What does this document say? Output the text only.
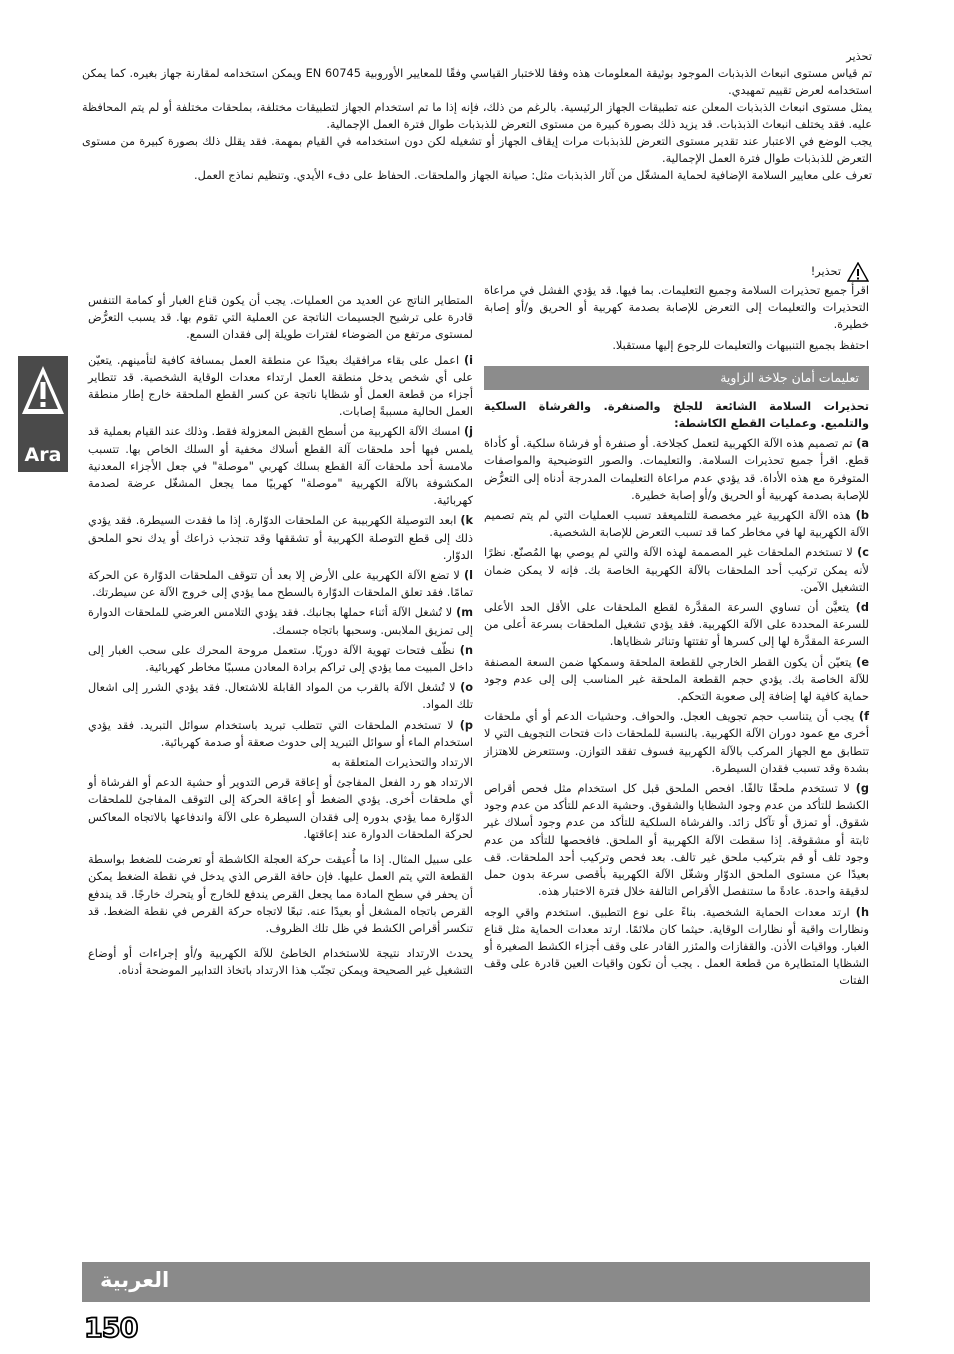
تحذير

تم قياس مستوى انبعاث الذبذبات الموجود بوثيقة المعلومات هذه وفقا للاختبار القياسي وفقًا للمعايير الأوروبية EN 60745 ويمكن استخدامه لمقارنة جهاز بغيره. كما يمكن استخدامه لعرض تقييم تمهيدي.

يمثل مستوى انبعاث الذبذبات المعلن عنه تطبيقات الجهاز الرئيسية. بالرغم من ذلك، فإنه إذا ما تم استخدام الجهاز لتطبيقات مختلفة، بملحقات مختلفة أو لم يتم المحافظة عليه. فقد يختلف انبعاث الذبذبات. قد يزيد ذلك بصورة كبيرة من مستوى التعرض للذبذبات طوال فترة العمل الإجمالية.

يجب الوضع في الاعتبار عند تقدير مستوى التعرض للذبذبات مرات إيقاف الجهاز أو تشغيله لكن دون استخدامه في القيام بمهمة. فقد يقلل ذلك بصورة كبيرة من مستوى التعرض للذبذبات طوال فترة العمل الإجمالية.

تعرف على معايير السلامة الإضافية لحماية المشغّل من آثار الذبذبات مثل: صيانة الجهاز والملحقات. الحفاظ على دفء الأيدي. وتنظيم نماذج العمل.

تحذير!

اقرأ جميع تحذيرات السلامة وجميع التعليمات. بما فيها. قد يؤدي الفشل في مراعاة التحذيرات والتعليمات إلى التعرض للإصابة بصدمة كهربية أو الحريق و/أو إصابة خطيرة.

احتفظ بجميع التنبيهات والتعليمات للرجوع إليها مستقبلا.

تعليمات أمان جلاخة الزاوية

تحذيرات السلامة الشائعة للجلخ والصنفرة. والفرشاة السلكية والتلميع. وعمليات القطع الكاشطة:

a) تم تصميم هذه الآلة الكهربية لتعمل كجلاخة. أو صنفرة أو فرشاة سلكية. أو كأداة قطع. اقرأ جميع تحذيرات السلامة. والتعليمات. والصور التوضيحية والمواصفات المتوفرة مع هذه الأداة. قد يؤدي عدم مراعاة التعليمات المدرجة أدناه إلى التعرُّض للإصابة بصدمة كهربية أو الحريق و/أو إصابة خطيرة.

b) هذه الآلة الكهربية غير مخصصة للتلميعقد تسبب العمليات التي لم يتم تصميم الآلة الكهربية لها في مخاطر كما قد تسبب التعرض للإصابة الشخصية.

c) لا تستخدم الملحقات غير المصممة لهذه الآلة والتي لم يوصي بها المُصنّع. نظرًا لأنه يمكن تركيب أحد الملحقات بالآلة الكهربية الخاصة بك. فإنه لا يمكن ضمان التشغيل الآمن.

d) يتعيَّن أن تساوي السرعة المقدَّرة لقطع الملحقات على الأقل الحد الأعلى للسرعة المحددة على الآلة الكهربية. فقد يؤدي تشغيل الملحقات بسرعة أعلى من السرعة المقدَّرة لها إلى كسرها أو تفتتها وتناثر شظاياها.

e) يتعيّن أن يكون القطر الخارجي للقطعة الملحقة وسمكها ضمن السعة المصنفة للآلة الخاصة بك. يؤدي حجم القطعة الملحقة غير المناسب إلى إلى عدم وجود حماية كافية لها إضافة إلى صعوبة التحكم.

f) يجب أن يتناسب حجم تجويف العجل. والحواف. وحشيات الدعم أو أي ملحقات أخرى مع عمود دوران الآلة الكهربية. بالنسبة للملحقات ذات فتحات التجويف التي لا تتطابق مع الجهاز المركب بالآلة الكهربية فسوف تفقد التوازن. وستتعرض للاهتزاز بشدة وقد تسبب فقدان السيطرة.

g) لا تستخدم ملحقًا تالفًا. افحص الملحق قبل كل استخدام مثل فحص أقراص الكشط للتأكد من عدم وجود الشظايا والشقوق. وحشية الدعم للتأكد من عدم وجود شقوق. أو تمزق أو تآكل زائد. والفرشاة السلكية للتأكد من عدم وجود أسلاك غير ثابتة أو مشقوقة. إذا سقطت الآلة الكهربية أو الملحق. فافحصها للتأكد من عدم وجود تلف أو قم بتركيب ملحق غير تالف. بعد فحص وتركيب أحد الملحقات. قف بعيدًا عن مستوى الملحق الدوّار وشغّل الآلة الكهربية بأقصى سرعة بدون حمل لدقيقة واحدة. عادةً ما ستنفصل الأقراص التالفة خلال فترة الاختبار هذه.

h) ارتد معدات الحماية الشخصية. بناءً على نوع التطبيق. استخدم واقي الوجه ونظارات واقية أو نظارات الوقاية. حيثما كان ملائمًا. ارتد معدات الحماية مثل قناع الغبار. وواقيات الأذن. والقفازات والمئزر القادر على وقف أجزاء الكشط الصغيرة أو الشظايا المتطايرة من قطعة العمل . يجب أن تكون واقيات العين قادرة على وقف الفتات

المتطاير الناتج عن العديد من العمليات. يجب أن يكون قناع الغبار أو كمامة التنفس قادرة على ترشيح الجسيمات الناتجة عن العملية التي تقوم بها. قد يسبب التعرُّض لمستوى مرتفع من الضوضاء لفترات طويلة إلى فقدان السمع.

i) اعمل على بقاء مرافقيك بعيدًا عن منطقة العمل بمسافة كافية لتأمينهم. يتعيّن على أي شخص يدخل منطقة العمل ارتداء معدات الوقاية الشخصية. قد تتطاير أجزاء من قطعة العمل أو شظايا ناتجة عن كسر القطع الملحقة خارج إطار منطقة العمل الحالية مسببةً إصابات.

j) امسك الآلة الكهربية من أسطح القبض المعزولة فقط. وذلك عند القيام بعملية قد يلمس فيها أحد ملحقات آلة القطع أسلاك مخفية أو السلك الخاص بها. تتسبب ملامسة أحد ملحقات آلة القطع بسلك كهربي "موصلة" في جعل الأجزاء المعدنية المكشوفة بالآلة الكهربية "موصلة" كهربيًا مما يجعل المشغّل عرضة لصدمة كهربائية.

k) ابعد التوصيلة الكهربيبة عن الملحقات الدوّارة. إذا ما فقدت السيطرة. فقد يؤدي ذلك إلى قطع التوصلة الكهربية أو تشققها وقد تنجذب ذراعك أو يدك نحو الملحق الدوّار.

l) لا تضع الآلة الكهربية على الأرض إلا بعد أن تتوقف الملحقات الدوّارة عن الحركة تمامًا. فقد تعلق الملحقات الدوّارة بالسطح مما يؤدي إلى خروج الآلة عن سيطرتك.

m) لا تُشغل الآلة أثناء حملها بجانبك. فقد يؤدي التلامس العرضي للملحقات الدوارة إلى تمزيق الملابس. وسحبها باتجاه جسمك.

n) نظّف فتحات تهوية الآلة دوريًا. ستعمل مروحة المحرك على سحب الغبار إلى داخل المبيت مما يؤدي إلى تراكم برادة المعادن مسببًا مخاطر كهربائية.

o) لا تُشغل الآلة بالقرب من المواد القابلة للاشتعال. فقد يؤدي الشرر إلى اشعال تلك المواد.

p) لا تستخدم الملحقات التي تتطلب تبريد باستخدام سوائل التبريد. فقد يؤدي استخدام الماء أو سوائل التبريد إلى حدوث صعقة أو صدمة كهربائية.

الارتداد والتحذيرات المتعلقة به

الارتداد هو رد الفعل المفاجئ أو إعاقة قرص التدوير أو حشية الدعم أو الفرشاة أو أي ملحقات أخرى. يؤدي الضغط أو إعاقة الحركة إلى التوقف المفاجئ للملحقات الدوّارة مما يؤدي بدوره إلى فقدان السيطرة على الآلة واندفاعها بالاتجاه المعاكس لحركة الملحقات الدوارة عند إعاقتها.

على سبيل المثال. إذا ما أُعيقت حركة العجلة الكاشطة أو تعرضت للضغط بواسطة القطعة التي يتم العمل عليها. فإن حافة القرص الذي يدخل في نقطة الضغط يمكن أن يحفر في سطح المادة مما يجعل القرص يندفع للخارج أو يتحرك خارجًا. قد يندفع القرص باتجاه المشغل أو بعيدًا عنه. تبعًا لاتجاه حركة القرص في نقطة الضغط. قد تنكسر أقراص الكشط في ظل تلك الظروف.

يحدث الارتداد نتيجة للاستخدام الخاطئ للآلة الكهربية و/أو إجراءات أو أوضاع التشغيل غير الصحيحة ويمكن تجنّب هذا الارتداد باتخاذ التدابير الموضحة أدناه.

Ara
العربية
150
